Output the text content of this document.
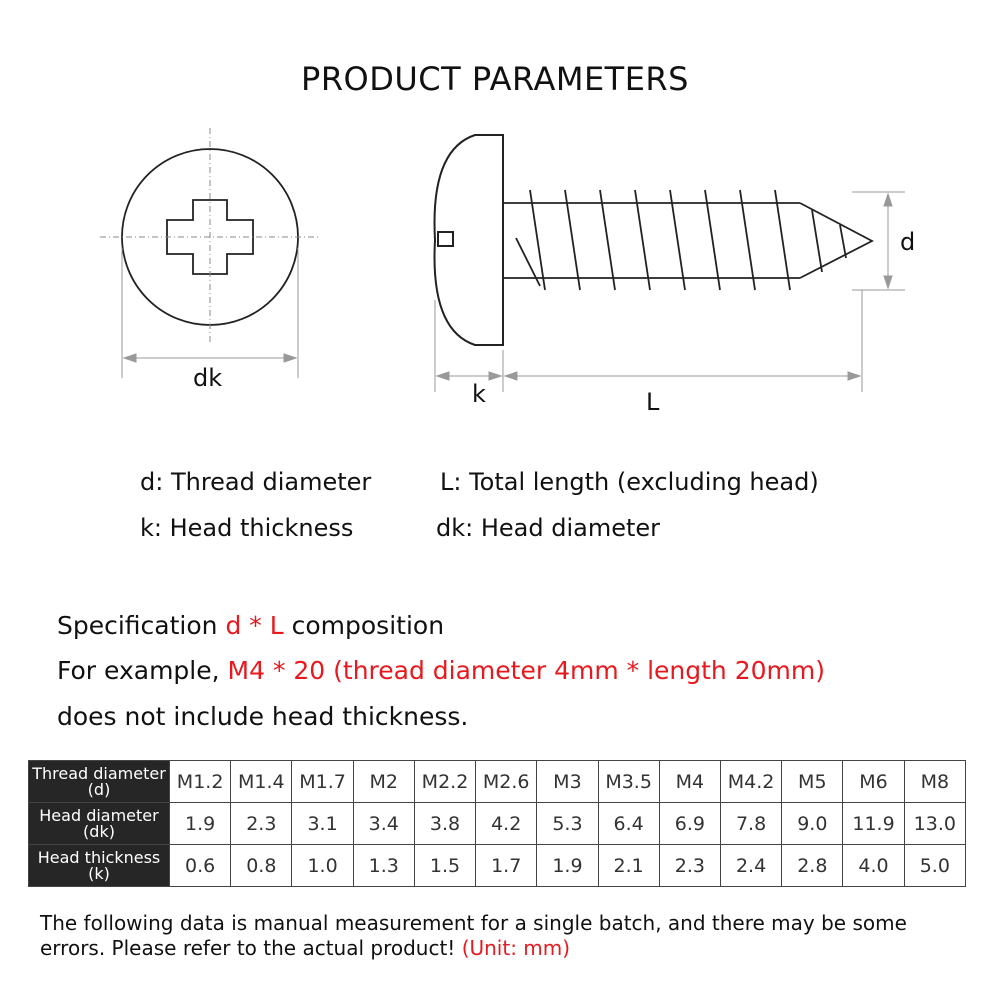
PRODUCT PARAMETERS
dk
k	L
d
d: Thread diameter	L: Total length (excluding head)
k: Head thickness	dk: Head diameter
Specification d * L composition
For example, M4 * 20 (thread diameter 4mm * length 20mm)
does not include head thickness.
Thread diameter
(d)	M1.2	M1.4	M1.7	M2	M2.2	M2.6	M3	M3.5	M4	M4.2	M5	M6	M8

Head diameter
(dk)	1.9	2.3	3.1	3.4	3.8	4.2	5.3	6.4	6.9	7.8	9.0	11.9	13.0

Head thickness
(k)	0.6	0.8	1.0	1.3	1.5	1.7	1.9	2.1	2.3	2.4	2.8	4.0	5.0
The following data is manual measurement for a single batch, and there may be some errors. Please refer to the actual product! (Unit: mm)
